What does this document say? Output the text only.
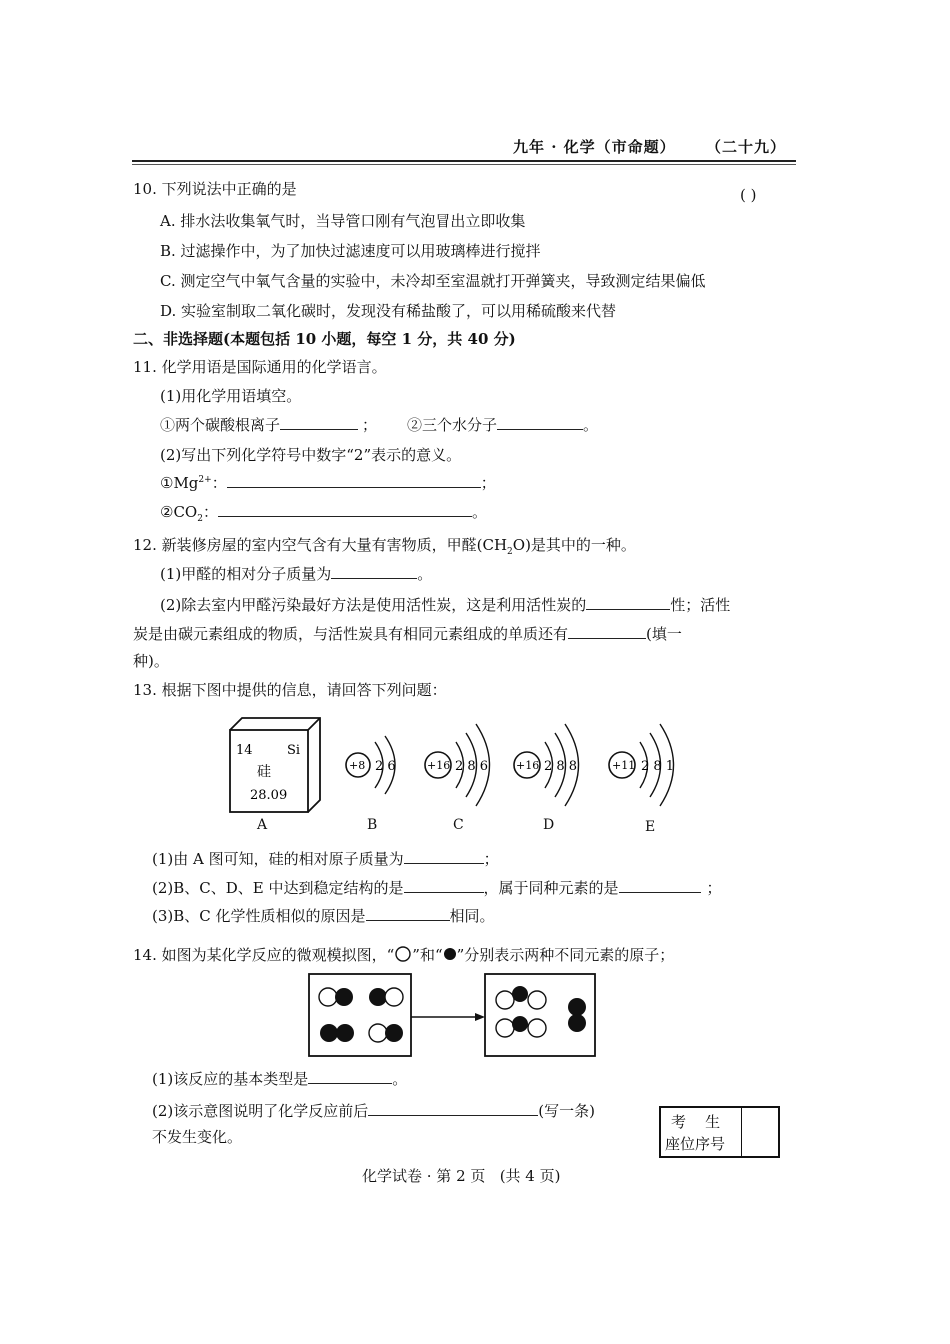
九年 · 化学（市命题） （二十九）
10. 下列说法中正确的是	( )
A. 排水法收集氧气时，当导管口刚有气泡冒出立即收集
B. 过滤操作中，为了加快过滤速度可以用玻璃棒进行搅拌
C. 测定空气中氧气含量的实验中，未冷却至室温就打开弹簧夹，导致测定结果偏低
D. 实验室制取二氧化碳时，发现没有稀盐酸了，可以用稀硫酸来代替
二、非选择题(本题包括 10 小题，每空 1 分，共 40 分)
11. 化学用语是国际通用的化学语言。
(1)用化学用语填空。
①两个碳酸根离子	； ②三个水分子	。
(2)写出下列化学符号中数字“2”表示的意义。
$①Mg^{2+}$：	；
$②CO_2$：	。
12. 新装修房屋的室内空气含有大量有害物质，甲醛$(CH_2O)$是其中的一种。
(1)甲醛的相对分子质量为	。
(2)除去室内甲醛污染最好方法是使用活性炭，这是利用活性炭的	性；活性
炭是由碳元素组成的物质，与活性炭具有相同元素组成的单质还有	(填一
种)。
13. 根据下图中提供的信息，请回答下列问题：
14	Si
硅
28.09
+8 2 6	+16 2 8 6	+16 2 8 8	+11 2 8 1
A	B	C	D	E
(1)由 A 图可知，硅的相对原子质量为	；
(2)B、C、D、E 中达到稳定结构的是	，属于同种元素的是	；
(3)B、C 化学性质相似的原因是	相同。
14. 如图为某化学反应的微观模拟图，“ ”和“ ”分别表示两种不同元素的原子；
(1)该反应的基本类型是	。
(2)该示意图说明了化学反应前后	(写一条)
不发生变化。
考    生
座位序号
化学试卷 · 第 2 页   (共 4 页)
